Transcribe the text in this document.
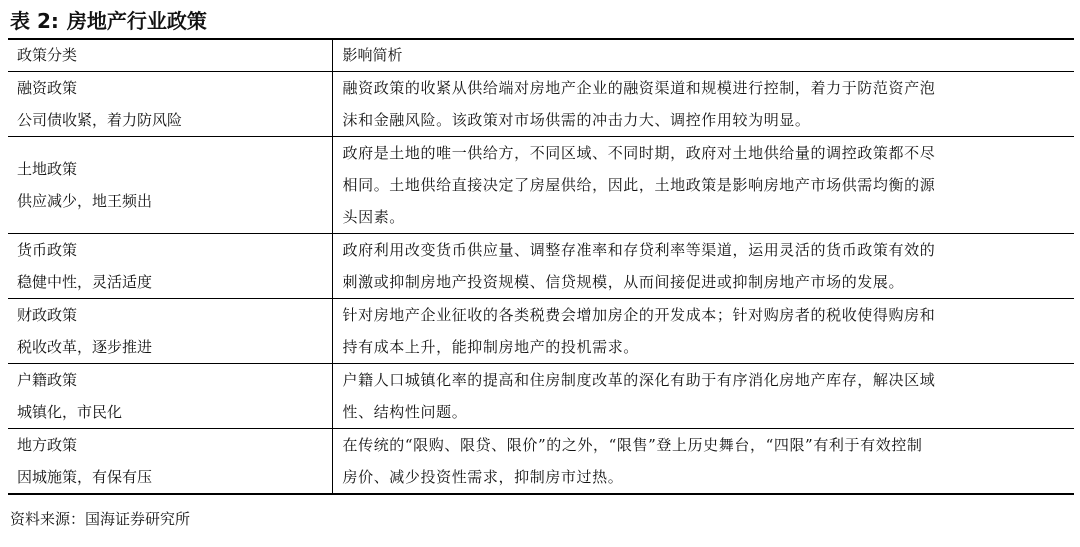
表 2: 房地产行业政策
政策分类	影响简析

融资政策
公司债收紧，着力防风险	融资政策的收紧从供给端对房地产企业的融资渠道和规模进行控制，着力于防范资产泡
沫和金融风险。该政策对市场供需的冲击力大、调控作用较为明显。

土地政策
供应减少，地王频出	政府是土地的唯一供给方，不同区域、不同时期，政府对土地供给量的调控政策都不尽
相同。土地供给直接决定了房屋供给，因此，土地政策是影响房地产市场供需均衡的源
头因素。

货币政策
稳健中性，灵活适度	政府利用改变货币供应量、调整存准率和存贷利率等渠道，运用灵活的货币政策有效的
刺激或抑制房地产投资规模、信贷规模，从而间接促进或抑制房地产市场的发展。

财政政策
税收改革，逐步推进	针对房地产企业征收的各类税费会增加房企的开发成本；针对购房者的税收使得购房和
持有成本上升，能抑制房地产的投机需求。

户籍政策
城镇化，市民化	户籍人口城镇化率的提高和住房制度改革的深化有助于有序消化房地产库存，解决区域
性、结构性问题。

地方政策
因城施策，有保有压	在传统的“限购、限贷、限价”的之外，“限售”登上历史舞台，“四限”有利于有效控制
房价、减少投资性需求，抑制房市过热。
资料来源：国海证券研究所
